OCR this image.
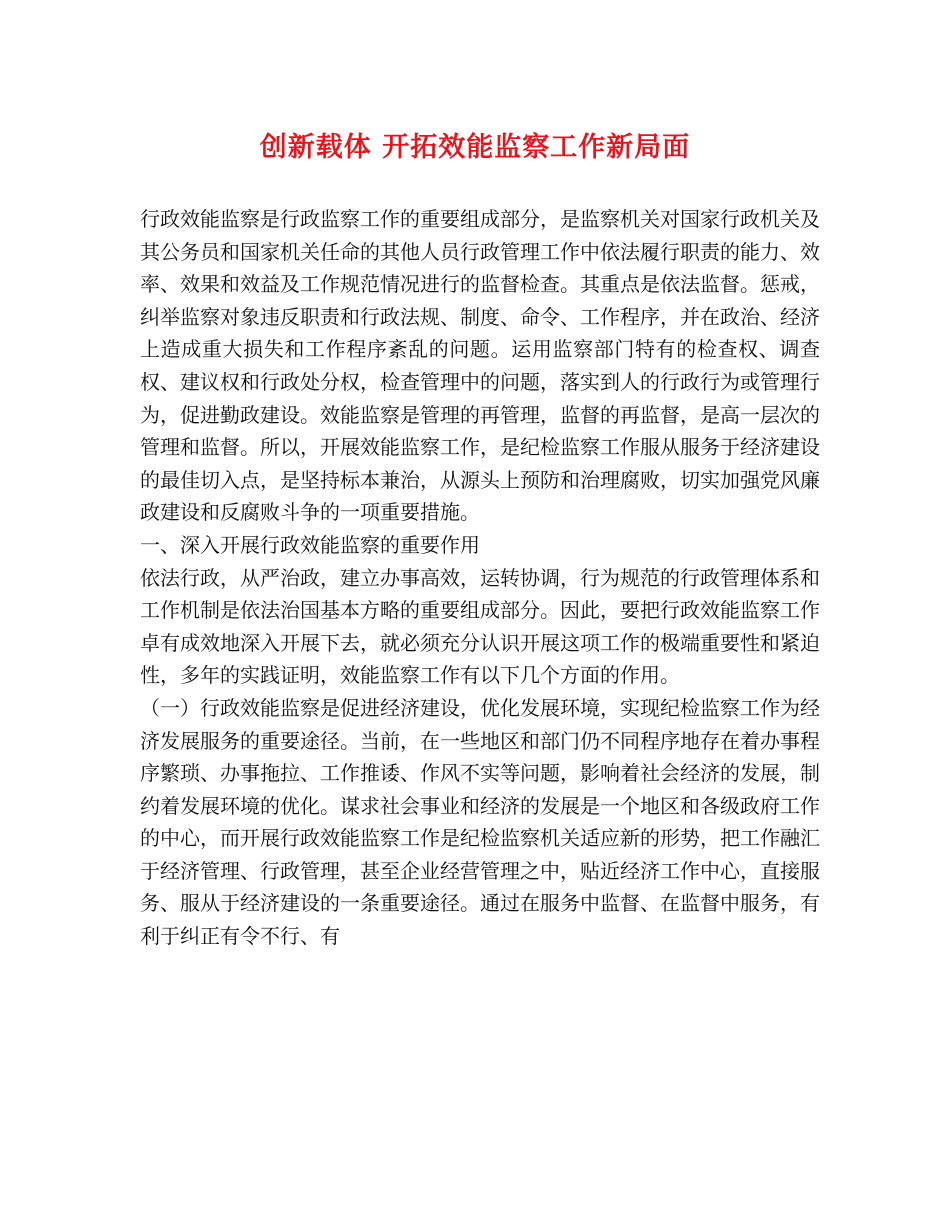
创新载体 开拓效能监察工作新局面

行政效能监察是行政监察工作的重要组成部分，是监察机关对国家行政机关及其公务员和国家机关任命的其他人员行政管理工作中依法履行职责的能力、效率、效果和效益及工作规范情况进行的监督检查。其重点是依法监督。惩戒，纠举监察对象违反职责和行政法规、制度、命令、工作程序，并在政治、经济上造成重大损失和工作程序紊乱的问题。运用监察部门特有的检查权、调查权、建议权和行政处分权，检查管理中的问题，落实到人的行政行为或管理行为，促进勤政建设。效能监察是管理的再管理，监督的再监督，是高一层次的管理和监督。所以，开展效能监察工作，是纪检监察工作服从服务于经济建设的最佳切入点，是坚持标本兼治，从源头上预防和治理腐败，切实加强党风廉政建设和反腐败斗争的一项重要措施。

一、深入开展行政效能监察的重要作用

依法行政，从严治政，建立办事高效，运转协调，行为规范的行政管理体系和工作机制是依法治国基本方略的重要组成部分。因此，要把行政效能监察工作卓有成效地深入开展下去，就必须充分认识开展这项工作的极端重要性和紧迫性，多年的实践证明，效能监察工作有以下几个方面的作用。

（一）行政效能监察是促进经济建设，优化发展环境，实现纪检监察工作为经济发展服务的重要途径。当前，在一些地区和部门仍不同程序地存在着办事程序繁琐、办事拖拉、工作推诿、作风不实等问题，影响着社会经济的发展，制约着发展环境的优化。谋求社会事业和经济的发展是一个地区和各级政府工作的中心，而开展行政效能监察工作是纪检监察机关适应新的形势，把工作融汇于经济管理、行政管理，甚至企业经营管理之中，贴近经济工作中心，直接服务、服从于经济建设的一条重要途径。通过在服务中监督、在监督中服务，有利于纠正有令不行、有
